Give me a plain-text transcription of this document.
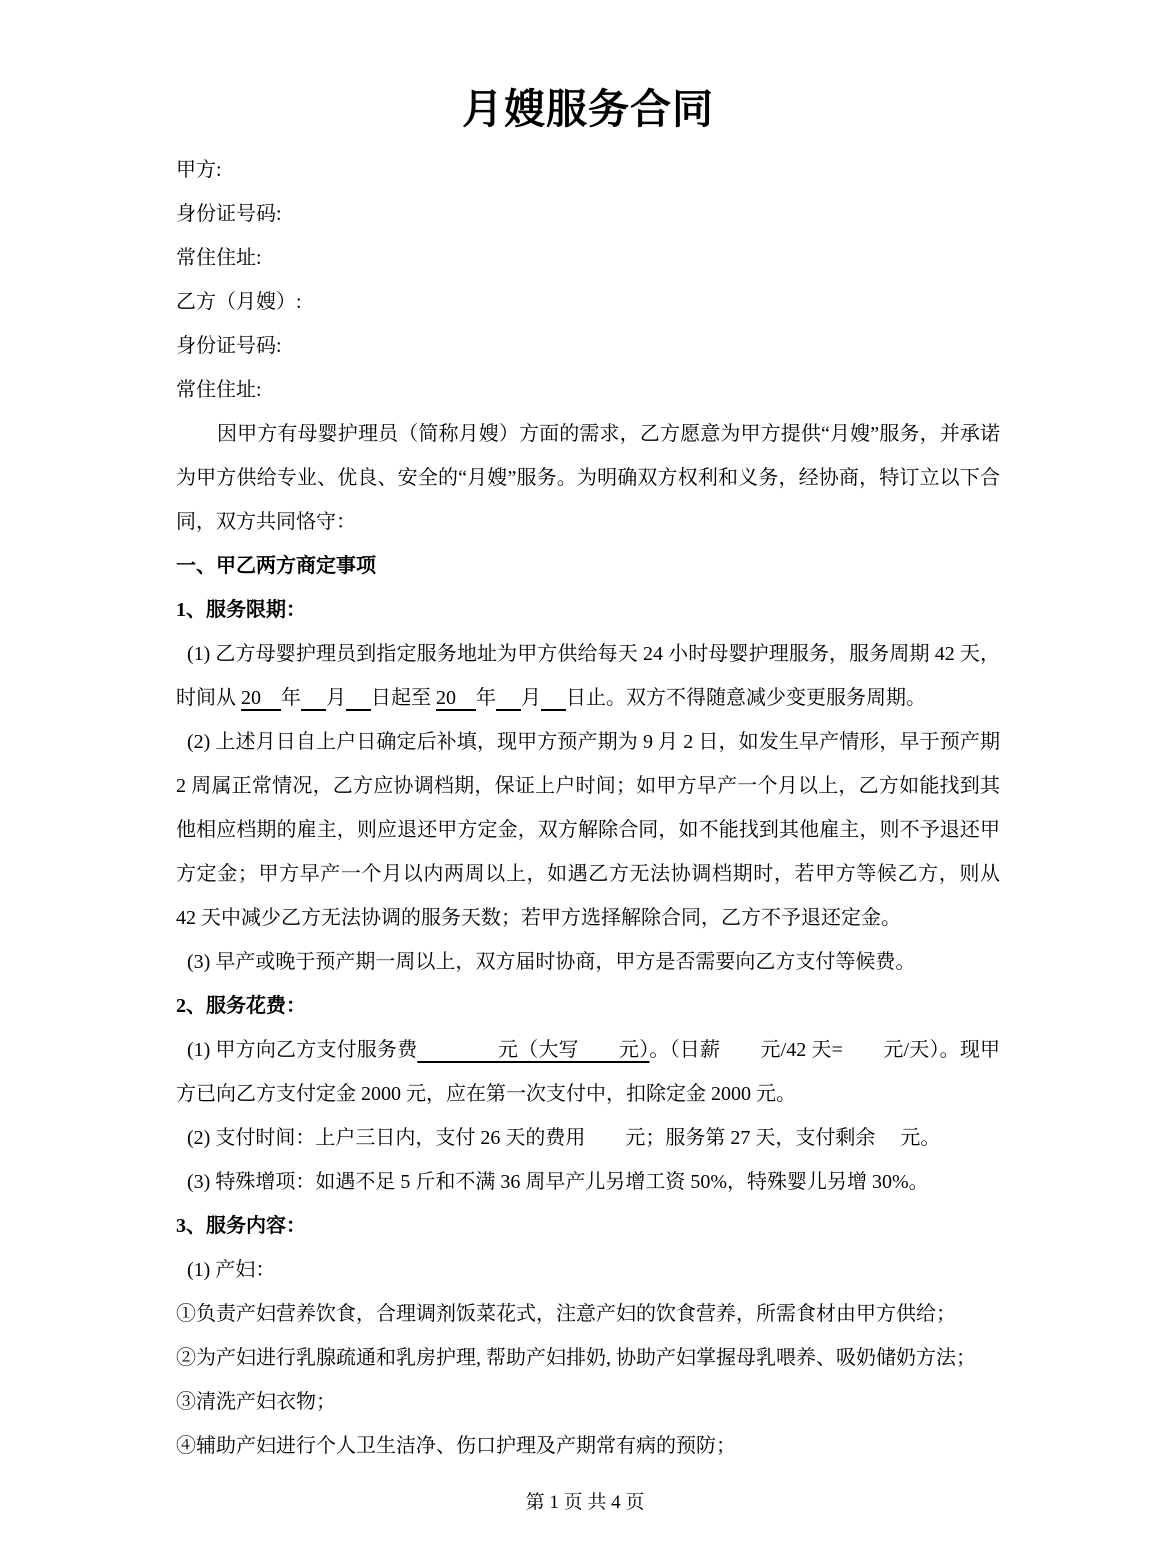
月嫂服务合同

甲方:

身份证号码:

常住住址:

乙方（月嫂）:

身份证号码:

常住住址:

因甲方有母婴护理员（简称月嫂）方面的需求，乙方愿意为甲方提供“月嫂”服务，并承诺为甲方供给专业、优良、安全的“月嫂”服务。为明确双方权利和义务，经协商，特订立以下合同，双方共同恪守：

一、甲乙两方商定事项

1、服务限期：

(1) 乙方母婴护理员到指定服务地址为甲方供给每天 24 小时母婴护理服务，服务周期 42 天，时间从 20　年　 月　 日起至 20　年　 月　 日止。双方不得随意减少变更服务周期。

(2) 上述月日自上户日确定后补填，现甲方预产期为 9 月 2 日，如发生早产情形，早于预产期 2 周属正常情况，乙方应协调档期，保证上户时间；如甲方早产一个月以上，乙方如能找到其他相应档期的雇主，则应退还甲方定金，双方解除合同，如不能找到其他雇主，则不予退还甲方定金；甲方早产一个月以内两周以上，如遇乙方无法协调档期时，若甲方等候乙方，则从 42 天中减少乙方无法协调的服务天数；若甲方选择解除合同，乙方不予退还定金。

(3) 早产或晚于预产期一周以上，双方届时协商，甲方是否需要向乙方支付等候费。

2、服务花费：

(1) 甲方向乙方支付服务费　　　　元（大写　　元）。（日薪　　元/42 天=　　元/天）。现甲方已向乙方支付定金 2000 元，应在第一次支付中，扣除定金 2000 元。

(2) 支付时间：上户三日内，支付 26 天的费用　　元；服务第 27 天，支付剩余　 元。

(3) 特殊增项：如遇不足 5 斤和不满 36 周早产儿另增工资 50%，特殊婴儿另增 30%。

3、服务内容：

(1) 产妇：

①负责产妇营养饮食，合理调剂饭菜花式，注意产妇的饮食营养，所需食材由甲方供给；

②为产妇进行乳腺疏通和乳房护理, 帮助产妇排奶, 协助产妇掌握母乳喂养、吸奶储奶方法；

③清洗产妇衣物；

④辅助产妇进行个人卫生洁净、伤口护理及产期常有病的预防；

第 1 页 共 4 页
